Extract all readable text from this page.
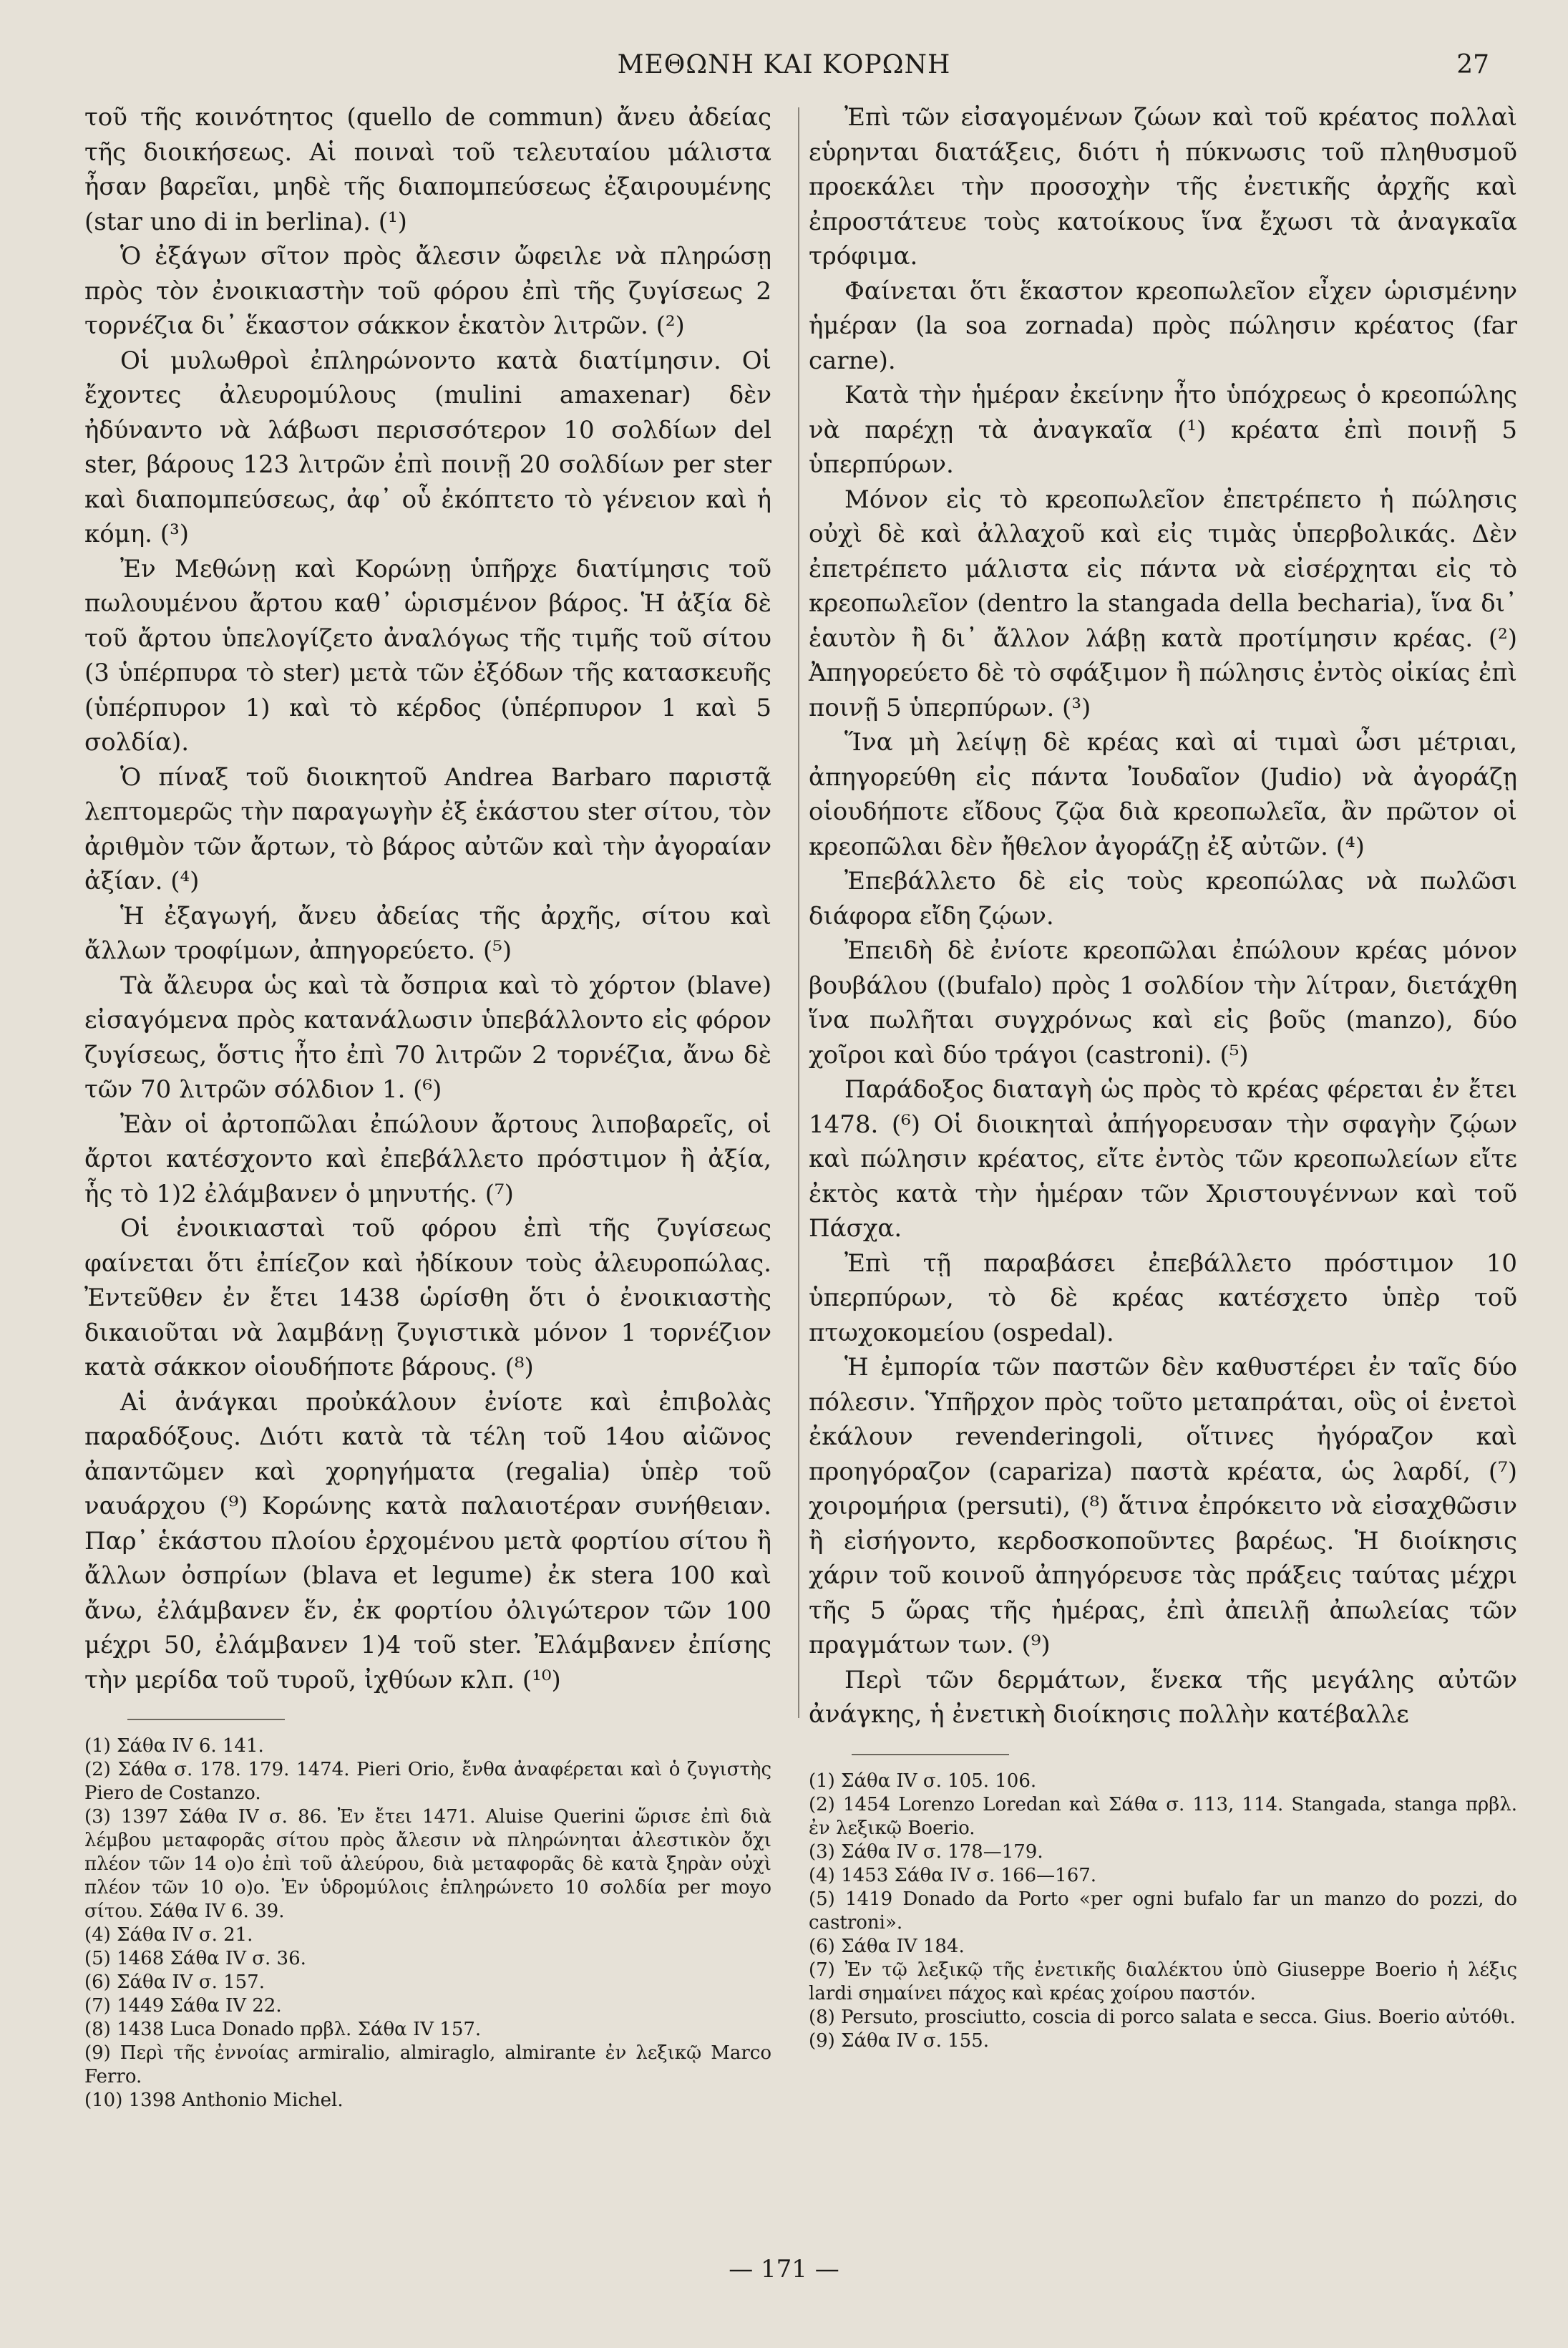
ΜΕΘΩΝΗ ΚΑΙ ΚΟΡΩΝΗ	27

τοῦ τῆς κοινότητος (quello de commun) ἄνευ ἀδείας τῆς διοικήσεως. Αἱ ποιναὶ τοῦ τελευταίου μάλιστα ἦσαν βαρεῖαι, μηδὲ τῆς διαπομπεύσεως ἐξαιρουμένης (star uno di in berlina). (¹)

Ὁ ἐξάγων σῖτον πρὸς ἄλεσιν ὤφειλε νὰ πληρώσῃ πρὸς τὸν ἐνοικιαστὴν τοῦ φόρου ἐπὶ τῆς ζυγίσεως 2 τορνέζια δι᾽ ἕκαστον σάκκον ἑκατὸν λιτρῶν. (²)

Οἱ μυλωθροὶ ἐπληρώνοντο κατὰ διατίμησιν. Οἱ ἔχοντες ἀλευρομύλους (mulini amaxenar) δὲν ἠδύναντο νὰ λάβωσι περισσότερον 10 σολδίων del ster, βάρους 123 λιτρῶν ἐπὶ ποινῇ 20 σολδίων per ster καὶ διαπομπεύσεως, ἀφ᾽ οὗ ἐκόπτετο τὸ γένειον καὶ ἡ κόμη. (³)

Ἐν Μεθώνῃ καὶ Κορώνῃ ὑπῆρχε διατίμησις τοῦ πωλουμένου ἄρτου καθ᾽ ὡρισμένον βάρος. Ἡ ἀξία δὲ τοῦ ἄρτου ὑπελογίζετο ἀναλόγως τῆς τιμῆς τοῦ σίτου (3 ὑπέρπυρα τὸ ster) μετὰ τῶν ἐξόδων τῆς κατασκευῆς (ὑπέρπυρον 1) καὶ τὸ κέρδος (ὑπέρπυρον 1 καὶ 5 σολδία).

Ὁ πίναξ τοῦ διοικητοῦ Andrea Barbaro παριστᾷ λεπτομερῶς τὴν παραγωγὴν ἐξ ἑκάστου ster σίτου, τὸν ἀριθμὸν τῶν ἄρτων, τὸ βάρος αὐτῶν καὶ τὴν ἀγοραίαν ἀξίαν. (⁴)

Ἡ ἐξαγωγή, ἄνευ ἀδείας τῆς ἀρχῆς, σίτου καὶ ἄλλων τροφίμων, ἀπηγορεύετο. (⁵)

Τὰ ἄλευρα ὡς καὶ τὰ ὄσπρια καὶ τὸ χόρτον (blave) εἰσαγόμενα πρὸς κατανάλωσιν ὑπεβάλλοντο εἰς φόρον ζυγίσεως, ὅστις ἦτο ἐπὶ 70 λιτρῶν 2 τορνέζια, ἄνω δὲ τῶν 70 λιτρῶν σόλδιον 1. (⁶)

Ἐὰν οἱ ἀρτοπῶλαι ἐπώλουν ἄρτους λιποβαρεῖς, οἱ ἄρτοι κατέσχοντο καὶ ἐπεβάλλετο πρόστιμον ἢ ἀξία, ἧς τὸ 1)2 ἐλάμβανεν ὁ μηνυτής. (⁷)

Οἱ ἐνοικιασταὶ τοῦ φόρου ἐπὶ τῆς ζυγίσεως φαίνεται ὅτι ἐπίεζον καὶ ἠδίκουν τοὺς ἀλευροπώλας. Ἐντεῦθεν ἐν ἔτει 1438 ὡρίσθη ὅτι ὁ ἐνοικιαστὴς δικαιοῦται νὰ λαμβάνῃ ζυγιστικὰ μόνον 1 τορνέζιον κατὰ σάκκον οἱουδήποτε βάρους. (⁸)

Αἱ ἀνάγκαι προὐκάλουν ἐνίοτε καὶ ἐπιβολὰς παραδόξους. Διότι κατὰ τὰ τέλη τοῦ 14ου αἰῶνος ἀπαντῶμεν καὶ χορηγήματα (regalia) ὑπὲρ τοῦ ναυάρχου (⁹) Κορώνης κατὰ παλαιοτέραν συνήθειαν. Παρ᾽ ἑκάστου πλοίου ἐρχομένου μετὰ φορτίου σίτου ἢ ἄλλων ὀσπρίων (blava et legume) ἐκ stera 100 καὶ ἄνω, ἐλάμβανεν ἕν, ἐκ φορτίου ὀλιγώτερον τῶν 100 μέχρι 50, ἐλάμβανεν 1)4 τοῦ ster. Ἐλάμβανεν ἐπίσης τὴν μερίδα τοῦ τυροῦ, ἰχθύων κλπ. (¹⁰)

(1) Σάθα IV 6. 141.
(2) Σάθα σ. 178. 179. 1474. Pieri Orio, ἔνθα ἀναφέρεται καὶ ὁ ζυγιστὴς Piero de Costanzo.
(3) 1397 Σάθα IV σ. 86. Ἐν ἔτει 1471. Aluise Querini ὥρισε ἐπὶ διὰ λέμβου μεταφορᾶς σίτου πρὸς ἄλεσιν νὰ πληρώνηται ἀλεστικὸν ὄχι πλέον τῶν 14 ο)ο ἐπὶ τοῦ ἀλεύρου, διὰ μεταφορᾶς δὲ κατὰ ξηρὰν οὐχὶ πλέον τῶν 10 ο)ο. Ἐν ὑδρομύλοις ἐπληρώνετο 10 σολδία per moyo σίτου. Σάθα IV 6. 39.
(4) Σάθα IV σ. 21.
(5) 1468 Σάθα IV σ. 36.
(6) Σάθα IV σ. 157.
(7) 1449 Σάθα IV 22.
(8) 1438 Luca Donado πρβλ. Σάθα IV 157.
(9) Περὶ τῆς ἐννοίας armiralio, almiraglo, almirante ἐν λεξικῷ Marco Ferro.
(10) 1398 Anthonio Michel.

Ἐπὶ τῶν εἰσαγομένων ζώων καὶ τοῦ κρέατος πολλαὶ εὑρηνται διατάξεις, διότι ἡ πύκνωσις τοῦ πληθυσμοῦ προεκάλει τὴν προσοχὴν τῆς ἐνετικῆς ἀρχῆς καὶ ἐπροστάτευε τοὺς κατοίκους ἵνα ἔχωσι τὰ ἀναγκαῖα τρόφιμα.

Φαίνεται ὅτι ἕκαστον κρεοπωλεῖον εἶχεν ὡρισμένην ἡμέραν (la soa zornada) πρὸς πώλησιν κρέατος (far carne).

Κατὰ τὴν ἡμέραν ἐκείνην ἦτο ὑπόχρεως ὁ κρεοπώλης νὰ παρέχῃ τὰ ἀναγκαῖα (¹) κρέατα ἐπὶ ποινῇ 5 ὑπερπύρων.

Μόνον εἰς τὸ κρεοπωλεῖον ἐπετρέπετο ἡ πώλησις οὐχὶ δὲ καὶ ἀλλαχοῦ καὶ εἰς τιμὰς ὑπερβολικάς. Δὲν ἐπετρέπετο μάλιστα εἰς πάντα νὰ εἰσέρχηται εἰς τὸ κρεοπωλεῖον (dentro la stangada della becharia), ἵνα δι᾽ ἑαυτὸν ἢ δι᾽ ἄλλον λάβῃ κατὰ προτίμησιν κρέας. (²) Ἀπηγορεύετο δὲ τὸ σφάξιμον ἢ πώλησις ἐντὸς οἰκίας ἐπὶ ποινῇ 5 ὑπερπύρων. (³)

Ἵνα μὴ λείψῃ δὲ κρέας καὶ αἱ τιμαὶ ὦσι μέτριαι, ἀπηγορεύθη εἰς πάντα Ἰουδαῖον (Judio) νὰ ἀγοράζῃ οἱουδήποτε εἴδους ζῷα διὰ κρεοπωλεῖα, ἂν πρῶτον οἱ κρεοπῶλαι δὲν ἤθελον ἀγοράζῃ ἐξ αὐτῶν. (⁴)

Ἐπεβάλλετο δὲ εἰς τοὺς κρεοπώλας νὰ πωλῶσι διάφορα εἴδη ζῴων.

Ἐπειδὴ δὲ ἐνίοτε κρεοπῶλαι ἐπώλουν κρέας μόνον βουβάλου ((bufalo) πρὸς 1 σολδίον τὴν λίτραν, διετάχθη ἵνα πωλῆται συγχρόνως καὶ εἰς βοῦς (manzo), δύο χοῖροι καὶ δύο τράγοι (castroni). (⁵)

Παράδοξος διαταγὴ ὡς πρὸς τὸ κρέας φέρεται ἐν ἔτει 1478. (⁶) Οἱ διοικηταὶ ἀπήγορευσαν τὴν σφαγὴν ζῴων καὶ πώλησιν κρέατος, εἴτε ἐντὸς τῶν κρεοπωλείων εἴτε ἐκτὸς κατὰ τὴν ἡμέραν τῶν Χριστουγέννων καὶ τοῦ Πάσχα.

Ἐπὶ τῇ παραβάσει ἐπεβάλλετο πρόστιμον 10 ὑπερπύρων, τὸ δὲ κρέας κατέσχετο ὑπὲρ τοῦ πτωχοκομείου (ospedal).

Ἡ ἐμπορία τῶν παστῶν δὲν καθυστέρει ἐν ταῖς δύο πόλεσιν. Ὑπῆρχον πρὸς τοῦτο μεταπράται, οὓς οἱ ἐνετοὶ ἐκάλουν revenderingoli, οἵτινες ἠγόραζον καὶ προηγόραζον (capariza) παστὰ κρέατα, ὡς λαρδί, (⁷) χοιρομήρια (persuti), (⁸) ἅτινα ἐπρόκειτο νὰ εἰσαχθῶσιν ἢ εἰσήγοντο, κερδοσκοποῦντες βαρέως. Ἡ διοίκησις χάριν τοῦ κοινοῦ ἀπηγόρευσε τὰς πράξεις ταύτας μέχρι τῆς 5 ὥρας τῆς ἡμέρας, ἐπὶ ἀπειλῇ ἀπωλείας τῶν πραγμάτων των. (⁹)

Περὶ τῶν δερμάτων, ἕνεκα τῆς μεγάλης αὐτῶν ἀνάγκης, ἡ ἐνετικὴ διοίκησις πολλὴν κατέβαλλε

(1) Σάθα IV σ. 105. 106.
(2) 1454 Lorenzo Loredan καὶ Σάθα σ. 113, 114. Stangada, stanga πρβλ. ἐν λεξικῷ Boerio.
(3) Σάθα IV σ. 178—179.
(4) 1453 Σάθα IV σ. 166—167.
(5) 1419 Donado da Porto «per ogni bufalo far un manzo do pozzi, do castroni».
(6) Σάθα IV 184.
(7) Ἐν τῷ λεξικῷ τῆς ἐνετικῆς διαλέκτου ὑπὸ Giuseppe Boerio ἡ λέξις lardi σημαίνει πάχος καὶ κρέας χοίρου παστόν.
(8) Persuto, prosciutto, coscia di porco salata e secca. Gius. Boerio αὐτόθι.
(9) Σάθα IV σ. 155.
— 171 —
